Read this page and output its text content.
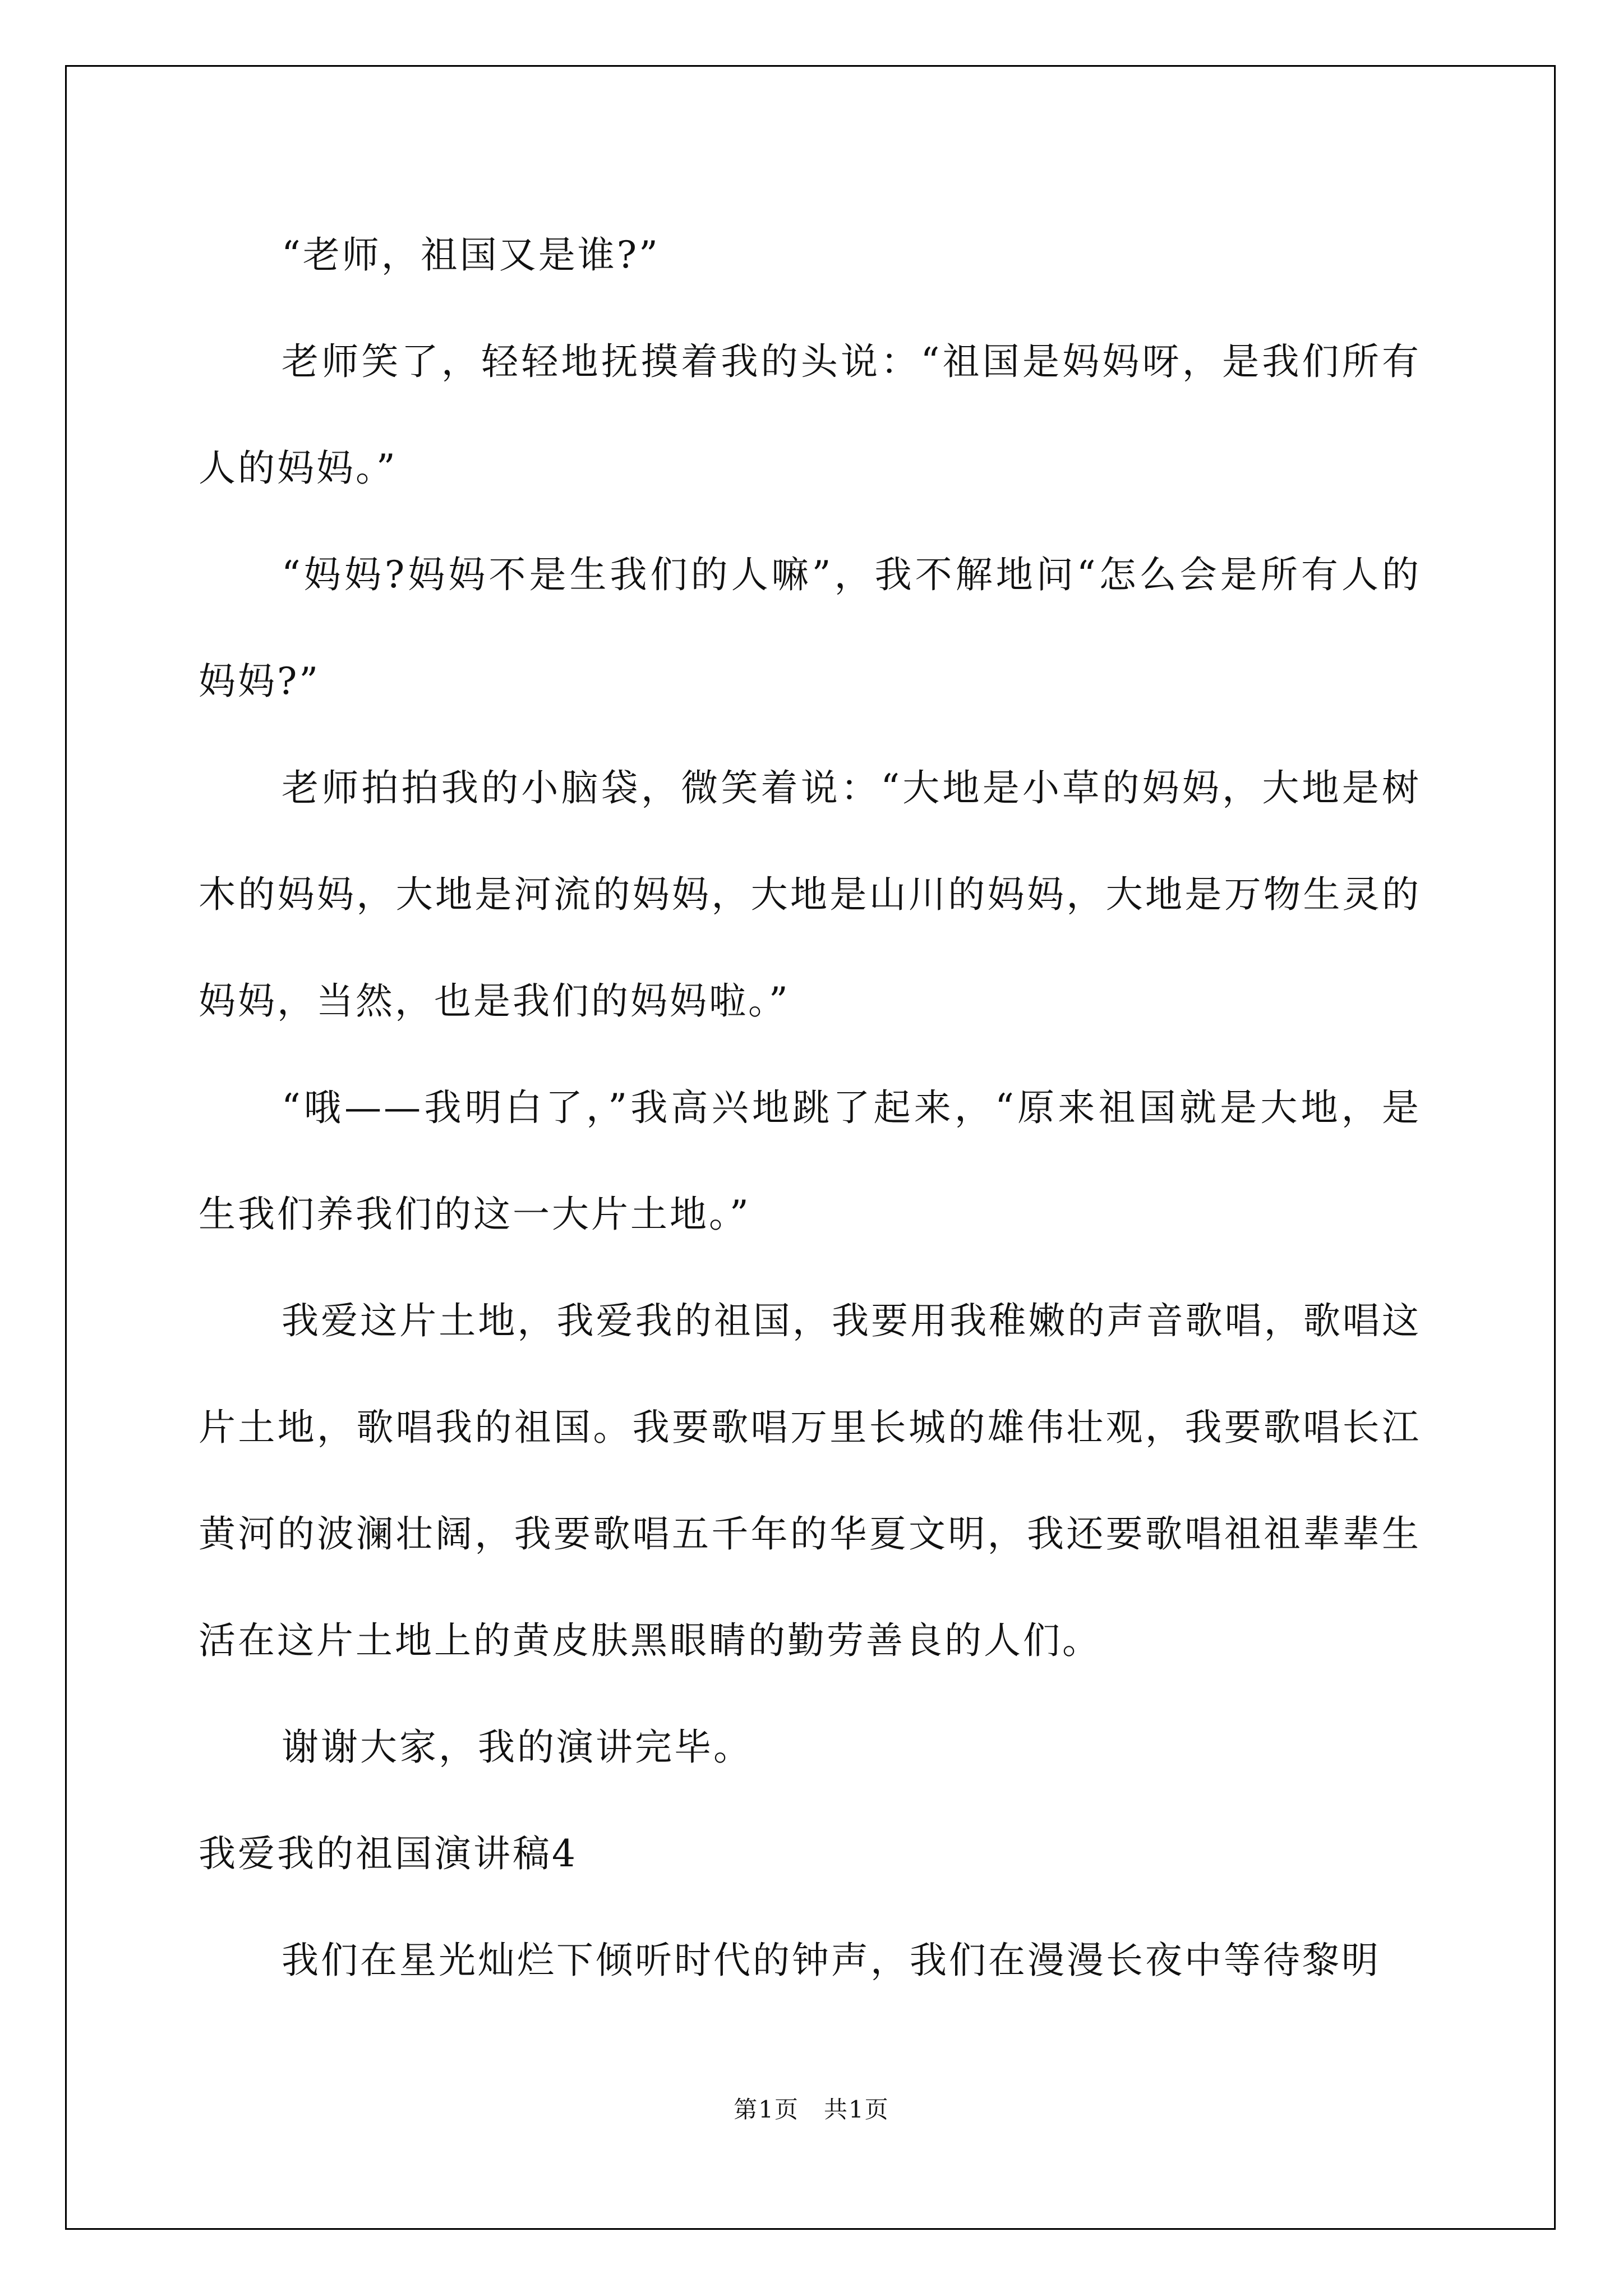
“老师，祖国又是谁?”

老师笑了，轻轻地抚摸着我的头说：“祖国是妈妈呀，是我们所有人的妈妈。”

“妈妈?妈妈不是生我们的人嘛”，我不解地问“怎么会是所有人的妈妈?”

老师拍拍我的小脑袋，微笑着说：“大地是小草的妈妈，大地是树木的妈妈，大地是河流的妈妈，大地是山川的妈妈，大地是万物生灵的妈妈，当然，也是我们的妈妈啦。”

“哦——我明白了，”我高兴地跳了起来，“原来祖国就是大地，是生我们养我们的这一大片土地。”

我爱这片土地，我爱我的祖国，我要用我稚嫩的声音歌唱，歌唱这片土地，歌唱我的祖国。我要歌唱万里长城的雄伟壮观，我要歌唱长江黄河的波澜壮阔，我要歌唱五千年的华夏文明，我还要歌唱祖祖辈辈生活在这片土地上的黄皮肤黑眼睛的勤劳善良的人们。

谢谢大家，我的演讲完毕。

我爱我的祖国演讲稿4

我们在星光灿烂下倾听时代的钟声，我们在漫漫长夜中等待黎明

第1页　共1页
